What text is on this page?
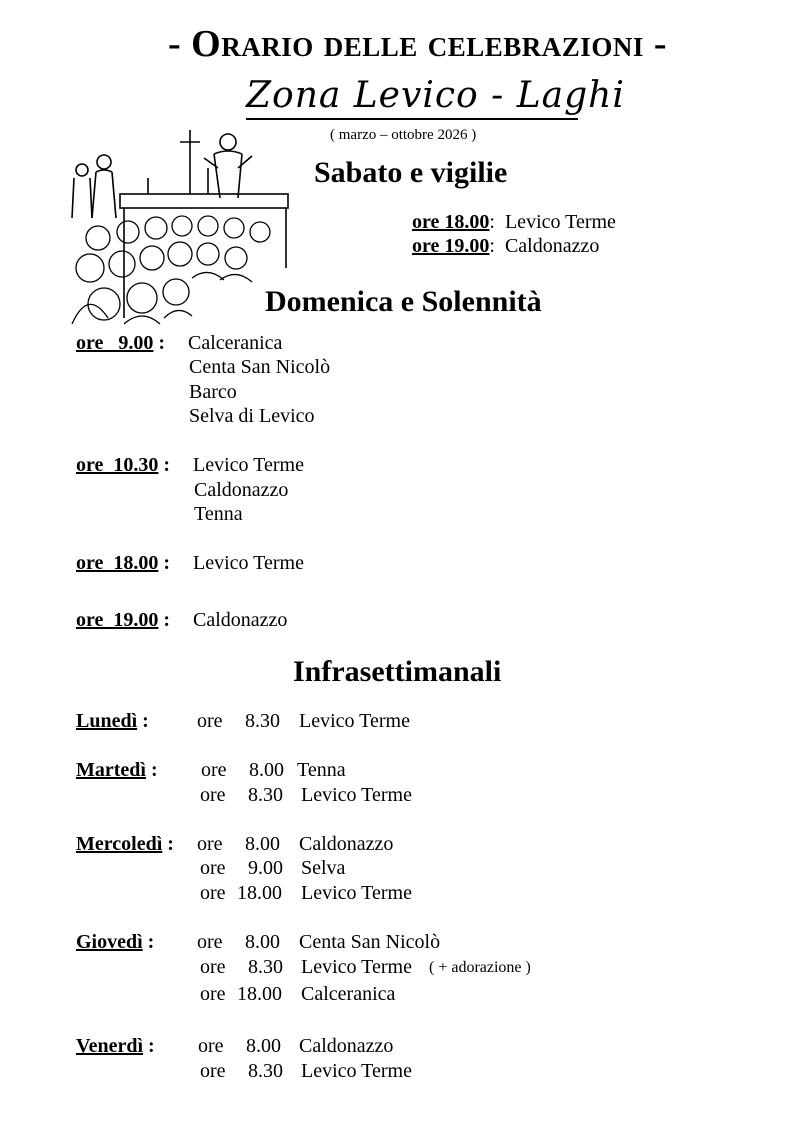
- Orario delle celebrazioni -
Zona Levico - Laghi
( marzo – ottobre 2026 )
Sabato e vigilie
ore 18.00: Levico Terme
ore 19.00: Caldonazzo
Domenica e Solennità
ore   9.00 : Calceranica
Centa San Nicolò
Barco
Selva di Levico
ore  10.30 : Levico Terme
Caldonazzo
Tenna
ore  18.00 : Levico Terme
ore  19.00 : Caldonazzo
Infrasettimanali
Lunedì : ore 8.30 Levico Terme
Martedì : ore 8.00 Tenna
ore 8.30 Levico Terme
Mercoledì : ore 8.00 Caldonazzo
ore 9.00 Selva
ore 18.00 Levico Terme
Giovedì : ore 8.00 Centa San Nicolò
ore 8.30 Levico Terme ( + adorazione )
ore 18.00 Calceranica
Venerdì : ore 8.00 Caldonazzo
ore 8.30 Levico Terme
